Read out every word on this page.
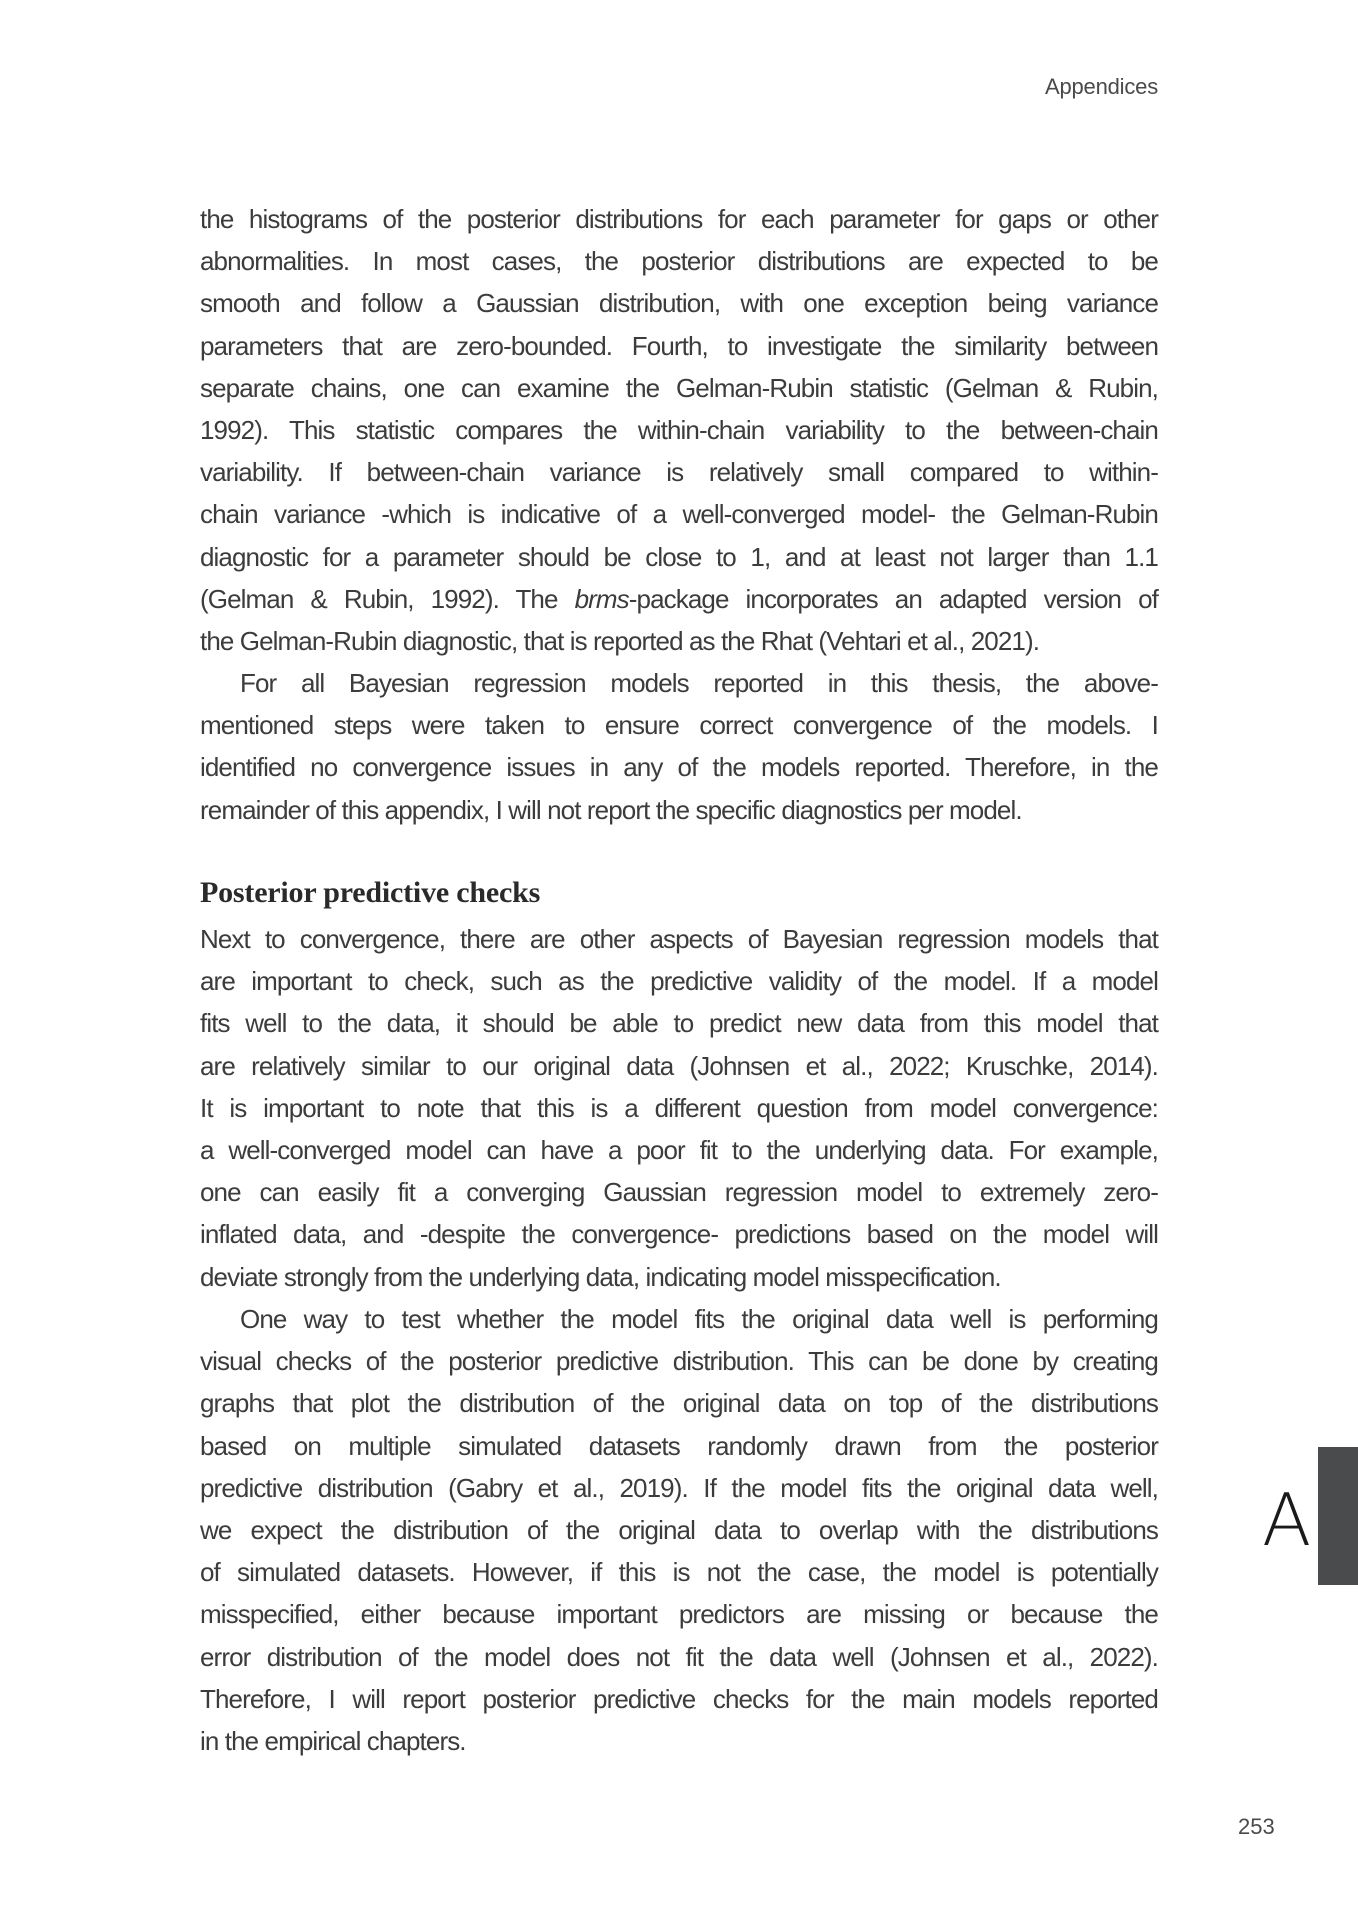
Appendices
the histograms of the posterior distributions for each parameter for gaps or other
abnormalities. In most cases, the posterior distributions are expected to be
smooth and follow a Gaussian distribution, with one exception being variance
parameters that are zero-bounded. Fourth, to investigate the similarity between
separate chains, one can examine the Gelman-Rubin statistic (Gelman & Rubin,
1992). This statistic compares the within-chain variability to the between-chain
variability. If between-chain variance is relatively small compared to within-
chain variance -which is indicative of a well-converged model- the Gelman-Rubin
diagnostic for a parameter should be close to 1, and at least not larger than 1.1
(Gelman & Rubin, 1992). The brms-package incorporates an adapted version of
the Gelman-Rubin diagnostic, that is reported as the Rhat (Vehtari et al., 2021).
For all Bayesian regression models reported in this thesis, the above-
mentioned steps were taken to ensure correct convergence of the models. I
identified no convergence issues in any of the models reported. Therefore, in the
remainder of this appendix, I will not report the specific diagnostics per model.
Posterior predictive checks
Next to convergence, there are other aspects of Bayesian regression models that
are important to check, such as the predictive validity of the model. If a model
fits well to the data, it should be able to predict new data from this model that
are relatively similar to our original data (Johnsen et al., 2022; Kruschke, 2014).
It is important to note that this is a different question from model convergence:
a well-converged model can have a poor fit to the underlying data. For example,
one can easily fit a converging Gaussian regression model to extremely zero-
inflated data, and -despite the convergence- predictions based on the model will
deviate strongly from the underlying data, indicating model misspecification.
One way to test whether the model fits the original data well is performing
visual checks of the posterior predictive distribution. This can be done by creating
graphs that plot the distribution of the original data on top of the distributions
based on multiple simulated datasets randomly drawn from the posterior
predictive distribution (Gabry et al., 2019). If the model fits the original data well,
we expect the distribution of the original data to overlap with the distributions
of simulated datasets. However, if this is not the case, the model is potentially
misspecified, either because important predictors are missing or because the
error distribution of the model does not fit the data well (Johnsen et al., 2022).
Therefore, I will report posterior predictive checks for the main models reported
in the empirical chapters.
A
253
